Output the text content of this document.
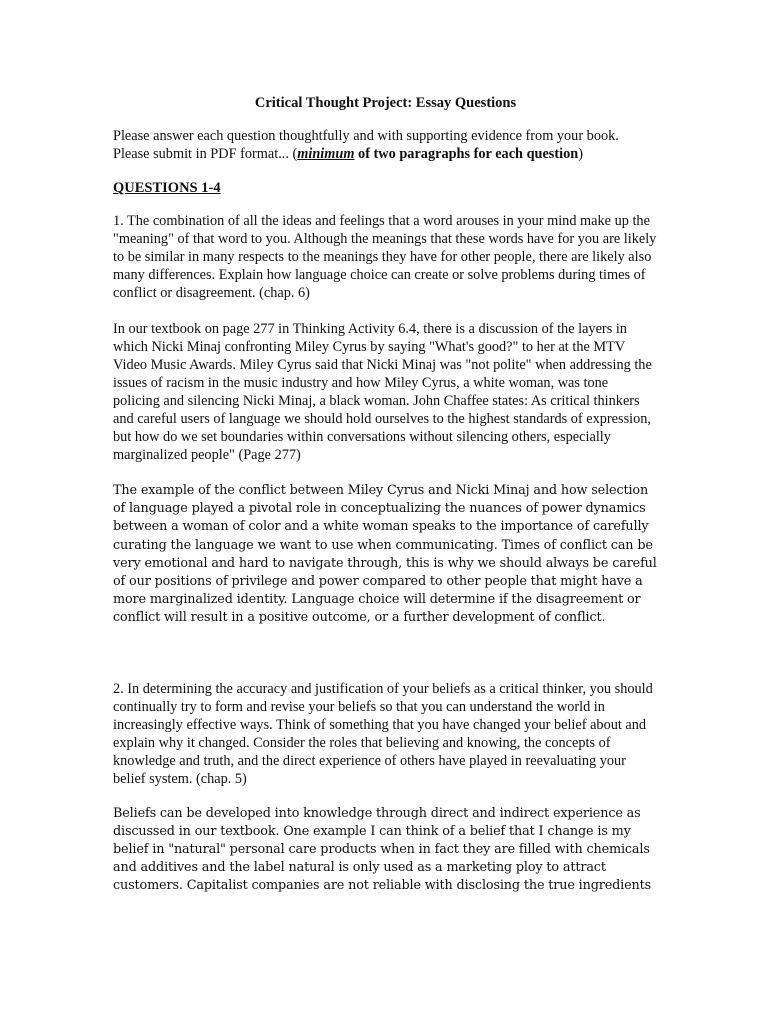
Critical Thought Project: Essay Questions

Please answer each question thoughtfully and with supporting evidence from your book. Please submit in PDF format... (minimum of two paragraphs for each question)

QUESTIONS 1-4

1. The combination of all the ideas and feelings that a word arouses in your mind make up the "meaning" of that word to you. Although the meanings that these words have for you are likely to be similar in many respects to the meanings they have for other people, there are likely also many differences. Explain how language choice can create or solve problems during times of conflict or disagreement. (chap. 6)

In our textbook on page 277 in Thinking Activity 6.4, there is a discussion of the layers in which Nicki Minaj confronting Miley Cyrus by saying "What's good?" to her at the MTV Video Music Awards. Miley Cyrus said that Nicki Minaj was "not polite" when addressing the issues of racism in the music industry and how Miley Cyrus, a white woman, was tone policing and silencing Nicki Minaj, a black woman. John Chaffee states: As critical thinkers and careful users of language we should hold ourselves to the highest standards of expression, but how do we set boundaries within conversations without silencing others, especially marginalized people" (Page 277)

The example of the conflict between Miley Cyrus and Nicki Minaj and how selection of language played a pivotal role in conceptualizing the nuances of power dynamics between a woman of color and a white woman speaks to the importance of carefully curating the language we want to use when communicating. Times of conflict can be very emotional and hard to navigate through, this is why we should always be careful of our positions of privilege and power compared to other people that might have a more marginalized identity. Language choice will determine if the disagreement or conflict will result in a positive outcome, or a further development of conflict.

2. In determining the accuracy and justification of your beliefs as a critical thinker, you should continually try to form and revise your beliefs so that you can understand the world in increasingly effective ways. Think of something that you have changed your belief about and explain why it changed. Consider the roles that believing and knowing, the concepts of knowledge and truth, and the direct experience of others have played in reevaluating your belief system. (chap. 5)

Beliefs can be developed into knowledge through direct and indirect experience as discussed in our textbook. One example I can think of a belief that I change is my belief in "natural" personal care products when in fact they are filled with chemicals and additives and the label natural is only used as a marketing ploy to attract customers. Capitalist companies are not reliable with disclosing the true ingredients
